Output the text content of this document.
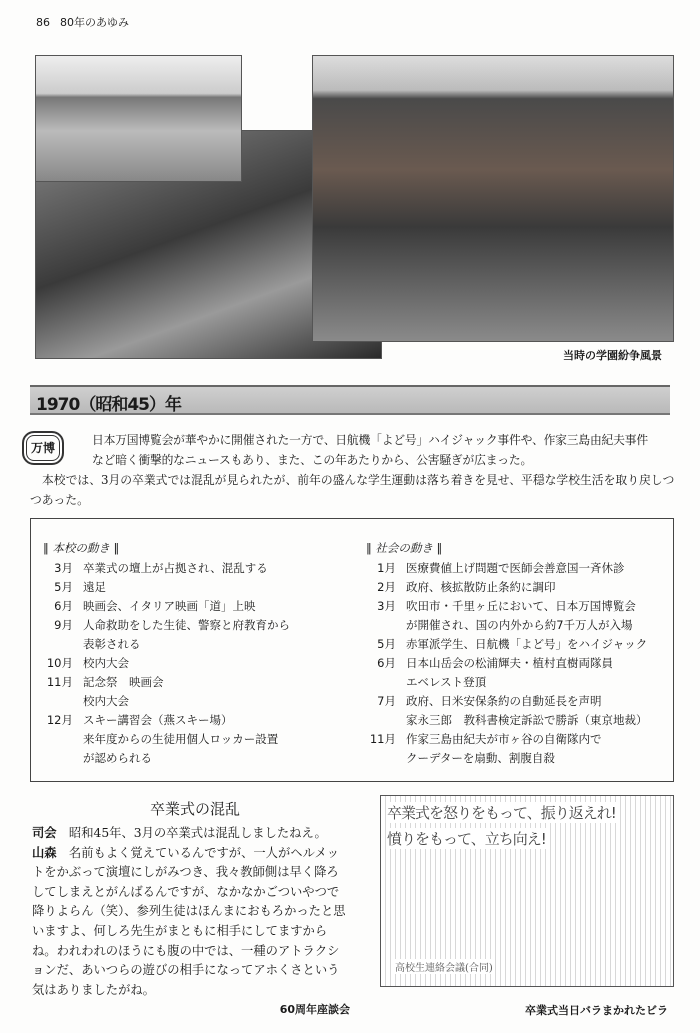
86 80年のあゆみ
当時の学園紛争風景
1970（昭和45）年
万博
日本万国博覧会が華やかに開催された一方で、日航機「よど号」ハイジャック事件や、作家三島由紀夫事件
など暗く衝撃的なニュースもあり、また、この年あたりから、公害騒ぎが広まった。
本校では、3月の卒業式では混乱が見られたが、前年の盛んな学生運動は落ち着きを見せ、平穏な学校生活を取り戻しつつあった。
‖ 本校の動き ‖
3月 卒業式の壇上が占拠され、混乱する
5月 遠足
6月 映画会、イタリア映画「道」上映
9月 人命救助をした生徒、警察と府教育から
表彰される
10月 校内大会
11月 記念祭　映画会
校内大会
12月 スキー講習会（燕スキー場）
来年度からの生徒用個人ロッカー設置
が認められる
‖ 社会の動き ‖
1月 医療費値上げ問題で医師会善意国一斉休診
2月 政府、核拡散防止条約に調印
3月 吹田市・千里ヶ丘において、日本万国博覧会
が開催され、国の内外から約7千万人が入場
5月 赤軍派学生、日航機「よど号」をハイジャック
6月 日本山岳会の松浦輝夫・植村直樹両隊員
エベレスト登頂
7月 政府、日米安保条約の自動延長を声明
家永三郎　教科書検定訴訟で勝訴（東京地裁）
11月 作家三島由紀夫が市ヶ谷の自衛隊内で
クーデターを扇動、割腹自殺
卒業式の混乱
司会　 昭和45年、3月の卒業式は混乱しましたねえ。
山森　 名前もよく覚えているんですが、一人がヘルメットをかぶって演壇にしがみつき、我々教師側は早く降ろしてしまえとがんばるんですが、なかなかごついやつで降りよらん（笑）、参列生徒はほんまにおもろかったと思いますよ、何しろ先生がまともに相手にしてますからね。われわれのほうにも腹の中では、一種のアトラクションだ、あいつらの遊びの相手になってアホくさという気はありましたがね。
60周年座談会
卒業式を怒りをもって、振り返えれ!
憤りをもって、立ち向え!
高校生連絡会議(合同)
卒業式当日バラまかれたビラ
